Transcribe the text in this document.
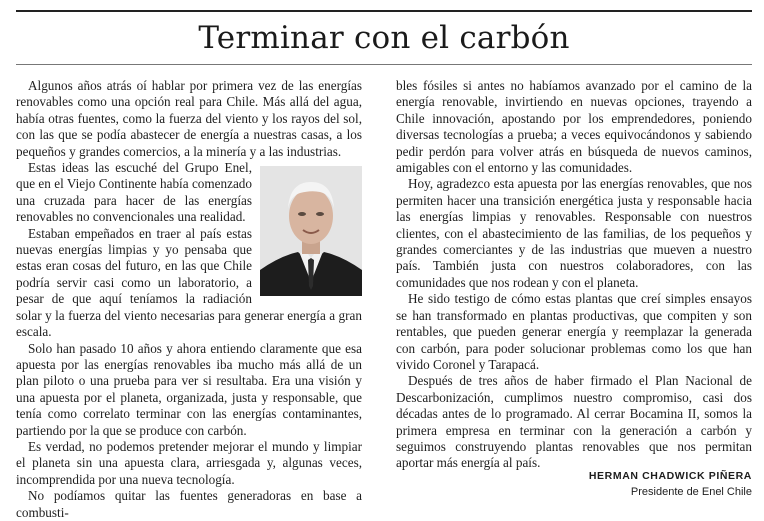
Terminar con el carbón

Algunos años atrás oí hablar por primera vez de las energías renovables como una opción real para Chile. Más allá del agua, había otras fuentes, como la fuerza del viento y los rayos del sol, con las que se podía abastecer de energía a nuestras casas, a los pequeños y grandes comercios, a la minería y a las industrias.

Estas ideas las escuché del Grupo Enel, que en el Viejo Continente había comenzado una cruzada para hacer de las energías renovables no convencionales una realidad.

Estaban empeñados en traer al país estas nuevas energías limpias y yo pensaba que estas eran cosas del futuro, en las que Chile podría servir casi como un laboratorio, a pesar de que aquí teníamos la radiación solar y la fuerza del viento necesarias para generar energía a gran escala.

Solo han pasado 10 años y ahora entiendo claramente que esa apuesta por las energías renovables iba mucho más allá de un plan piloto o una prueba para ver si resultaba. Era una visión y una apuesta por el planeta, organizada, justa y responsable, que tenía como correlato terminar con las energías contaminantes, partiendo por la que se produce con carbón.

Es verdad, no podemos pretender mejorar el mundo y limpiar el planeta sin una apuesta clara, arriesgada y, algunas veces, incomprendida por una nueva tecnología.

No podíamos quitar las fuentes generadoras en base a combusti-

bles fósiles si antes no habíamos avanzado por el camino de la energía renovable, invirtiendo en nuevas opciones, trayendo a Chile innovación, apostando por los emprendedores, poniendo diversas tecnologías a prueba; a veces equivocándonos y sabiendo pedir perdón para volver atrás en búsqueda de nuevos caminos, amigables con el entorno y las comunidades.

Hoy, agradezco esta apuesta por las energías renovables, que nos permiten hacer una transición energética justa y responsable hacia las energías limpias y renovables. Responsable con nuestros clientes, con el abastecimiento de las familias, de los pequeños y grandes comerciantes y de las industrias que mueven a nuestro país. También justa con nuestros colaboradores, con las comunidades que nos rodean y con el planeta.

He sido testigo de cómo estas plantas que creí simples ensayos se han transformado en plantas productivas, que compiten y son rentables, que pueden generar energía y reemplazar la generada con carbón, para poder solucionar problemas como los que han vivido Coronel y Tarapacá.

Después de tres años de haber firmado el Plan Nacional de Descarbonización, cumplimos nuestro compromiso, casi dos décadas antes de lo programado. Al cerrar Bocamina II, somos la primera empresa en terminar con la generación a carbón y seguimos construyendo plantas renovables que nos permitan aportar más energía al país.

HERMAN CHADWICK PIÑERA
Presidente de Enel Chile
